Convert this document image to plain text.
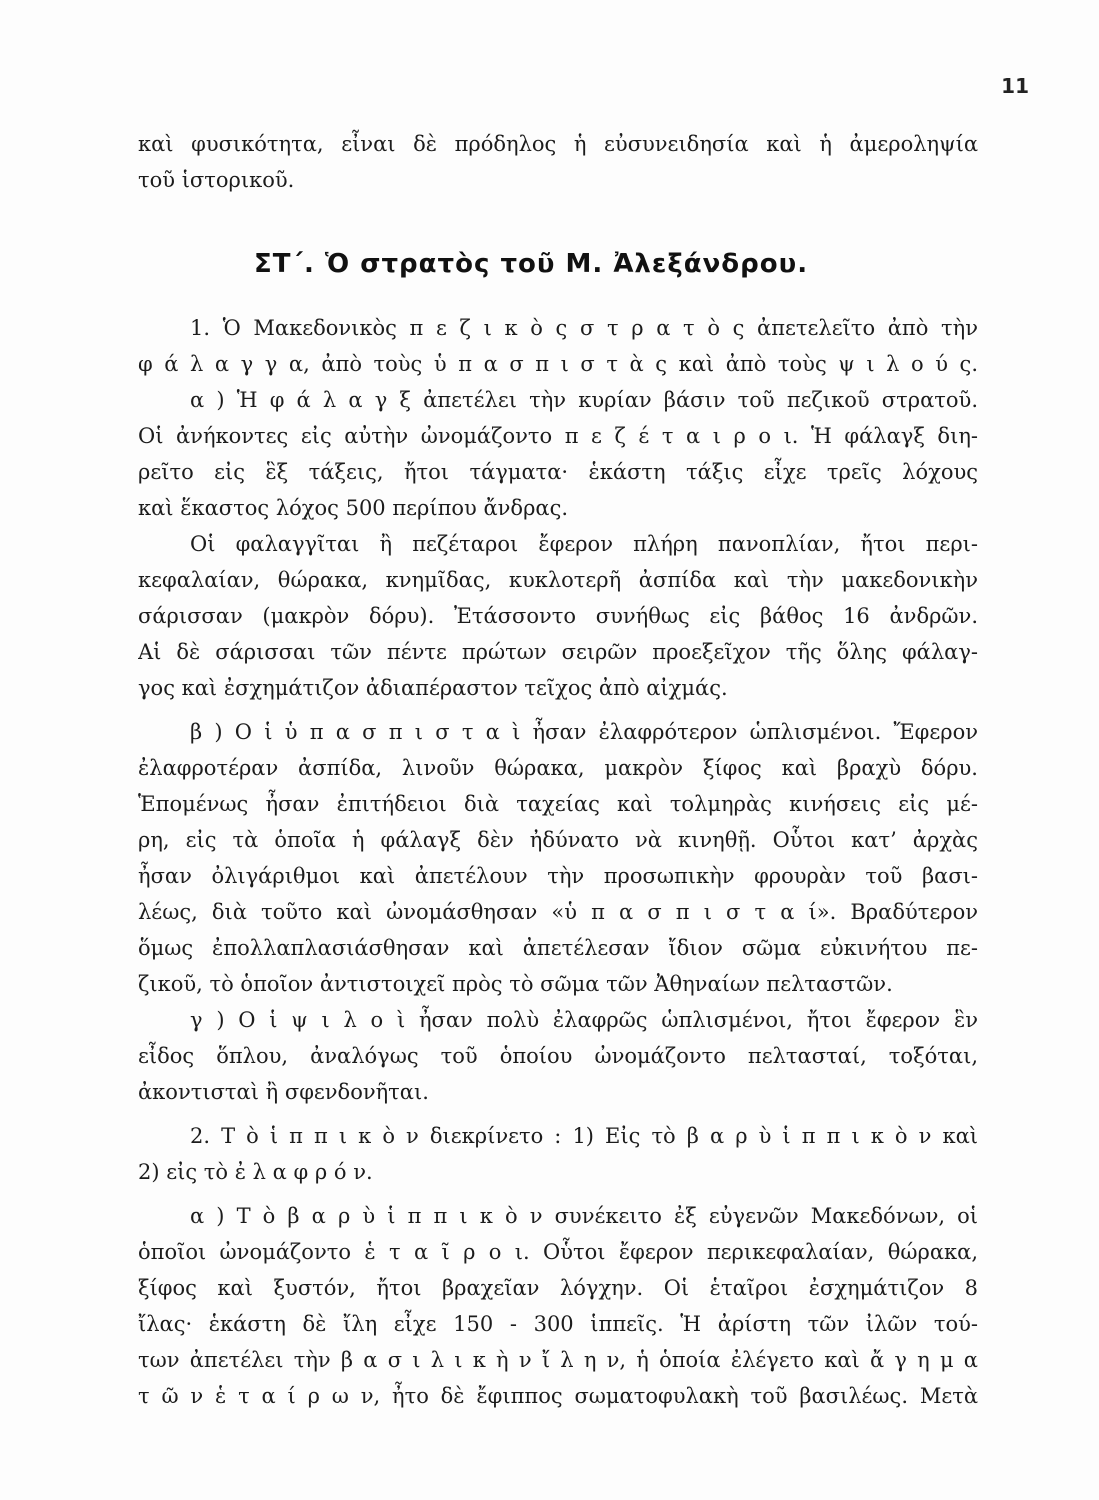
11
καὶ φυσικότητα, εἶναι δὲ πρόδηλος ἡ εὐσυνειδησία καὶ ἡ ἀμεροληψία
τοῦ ἱστορικοῦ.
ΣΤ΄. Ὁ στρατὸς τοῦ Μ. Ἀλεξάνδρου.
1. Ὁ Μακεδονικὸς π ε ζ ι κ ὸ ς σ τ ρ α τ ὸ ς ἀπετελεῖτο ἀπὸ τὴν
φ ά λ α γ γ α, ἀπὸ τοὺς ὑ π α σ π ι σ τ ὰ ς καὶ ἀπὸ τοὺς ψ ι λ ο ύ ς.
α ) Ἡ φ ά λ α γ ξ ἀπετέλει τὴν κυρίαν βάσιν τοῦ πεζικοῦ στρατοῦ.
Οἱ ἀνήκοντες εἰς αὐτὴν ὠνομάζοντο π ε ζ έ τ α ι ρ ο ι. Ἡ φάλαγξ διη-
ρεῖτο εἰς ἓξ τάξεις, ἤτοι τάγματα· ἑκάστη τάξις εἶχε τρεῖς λόχους
καὶ ἕκαστος λόχος 500 περίπου ἄνδρας.
Οἱ φαλαγγῖται ἢ πεζέταροι ἔφερον πλήρη πανοπλίαν, ἤτοι περι-
κεφαλαίαν, θώρακα, κνημῖδας, κυκλοτερῆ ἀσπίδα καὶ τὴν μακεδονικὴν
σάρισσαν (μακρὸν δόρυ). Ἐτάσσοντο συνήθως εἰς βάθος 16 ἀνδρῶν.
Αἱ δὲ σάρισσαι τῶν πέντε πρώτων σειρῶν προεξεῖχον τῆς ὅλης φάλαγ-
γος καὶ ἐσχημάτιζον ἀδιαπέραστον τεῖχος ἀπὸ αἰχμάς.
β ) Ο ἱ ὑ π α σ π ι σ τ α ὶ ἦσαν ἐλαφρότερον ὡπλισμένοι. Ἔφερον
ἐλαφροτέραν ἀσπίδα, λινοῦν θώρακα, μακρὸν ξίφος καὶ βραχὺ δόρυ.
Ἑπομένως ἦσαν ἐπιτήδειοι διὰ ταχείας καὶ τολμηρὰς κινήσεις εἰς μέ-
ρη, εἰς τὰ ὁποῖα ἡ φάλαγξ δὲν ἠδύνατο νὰ κινηθῇ. Οὗτοι κατ’ ἀρχὰς
ἦσαν ὀλιγάριθμοι καὶ ἀπετέλουν τὴν προσωπικὴν φρουρὰν τοῦ βασι-
λέως, διὰ τοῦτο καὶ ὠνομάσθησαν «ὑ π α σ π ι σ τ α ί». Βραδύτερον
ὅμως ἐπολλαπλασιάσθησαν καὶ ἀπετέλεσαν ἴδιον σῶμα εὐκινήτου πε-
ζικοῦ, τὸ ὁποῖον ἀντιστοιχεῖ πρὸς τὸ σῶμα τῶν Ἀθηναίων πελταστῶν.
γ ) Ο ἱ ψ ι λ ο ὶ ἦσαν πολὺ ἐλαφρῶς ὡπλισμένοι, ἤτοι ἔφερον ἓν
εἶδος ὅπλου, ἀναλόγως τοῦ ὁποίου ὠνομάζοντο πελτασταί, τοξόται,
ἀκοντισταὶ ἢ σφενδονῆται.
2. Τ ὸ ἱ π π ι κ ὸ ν διεκρίνετο : 1) Εἰς τὸ β α ρ ὺ ἱ π π ι κ ὸ ν καὶ
2) εἰς τὸ ἐ λ α φ ρ ό ν.
α ) Τ ὸ β α ρ ὺ ἱ π π ι κ ὸ ν συνέκειτο ἐξ εὐγενῶν Μακεδόνων, οἱ
ὁποῖοι ὠνομάζοντο ἑ τ α ῖ ρ ο ι. Οὗτοι ἔφερον περικεφαλαίαν, θώρακα,
ξίφος καὶ ξυστόν, ἤτοι βραχεῖαν λόγχην. Οἱ ἑταῖροι ἐσχημάτιζον 8
ἴλας· ἑκάστη δὲ ἴλη εἶχε 150 - 300 ἱππεῖς. Ἡ ἀρίστη τῶν ἰλῶν τού-
των ἀπετέλει τὴν β α σ ι λ ι κ ὴ ν ἴ λ η ν, ἡ ὁποία ἐλέγετο καὶ ἄ γ η μ α
τ ῶ ν ἑ τ α ί ρ ω ν, ἦτο δὲ ἔφιππος σωματοφυλακὴ τοῦ βασιλέως. Μετὰ
